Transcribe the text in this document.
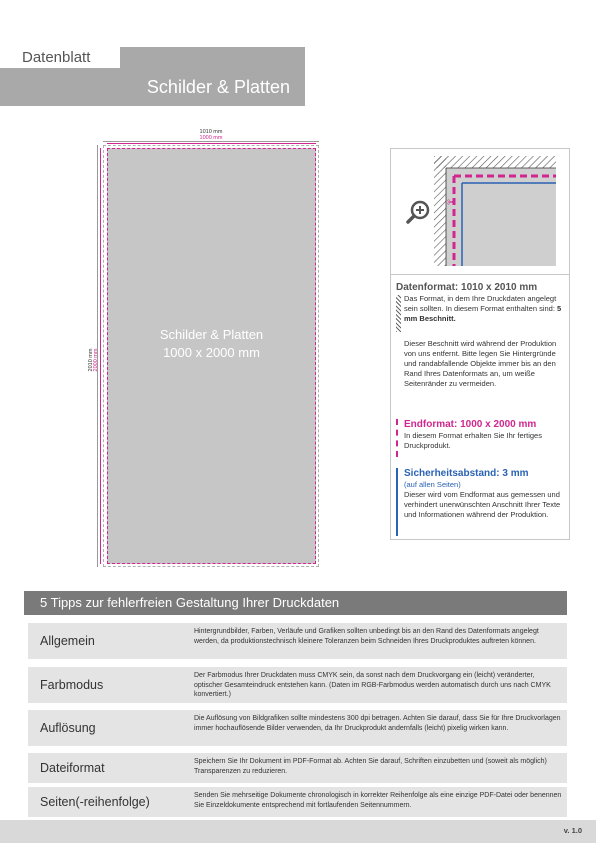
Datenblatt
Schilder & Platten
1010 mm
1000 mm
2010 mm 2000 mm
Schilder & Platten
1000 x 2000 mm
✂
Datenformat: 1010 x 2010 mm
Das Format, in dem Ihre Druckdaten angelegt sein sollten. In diesem Format enthalten sind: 5 mm Beschnitt.
Dieser Beschnitt wird während der Produktion von uns entfernt. Bitte legen Sie Hintergründe und randabfallende Objekte immer bis an den Rand Ihres Datenformats an, um weiße Seitenränder zu vermeiden.
Endformat: 1000 x 2000 mm
In diesem Format erhalten Sie Ihr fertiges Druckprodukt.
Sicherheitsabstand: 3 mm
(auf allen Seiten)
Dieser wird vom Endformat aus gemessen und verhindert unerwünschten Anschnitt Ihrer Texte und Informationen während der Produktion.
5 Tipps zur fehlerfreien Gestaltung Ihrer Druckdaten
Allgemein
Hintergrundbilder, Farben, Verläufe und Grafiken sollten unbedingt bis an den Rand des Datenformats angelegt werden, da produktionstechnisch kleinere Toleranzen beim Schneiden Ihres Druckproduktes auftreten können.
Farbmodus
Der Farbmodus Ihrer Druckdaten muss CMYK sein, da sonst nach dem Druckvorgang ein (leicht) veränderter, optischer Gesamteindruck entstehen kann. (Daten im RGB-Farbmodus werden automatisch durch uns nach CMYK konvertiert.)
Auflösung
Die Auflösung von Bildgrafiken sollte mindestens 300 dpi betragen. Achten Sie darauf, dass Sie für Ihre Druckvorlagen immer hochauflösende Bilder verwenden, da Ihr Druckprodukt andernfalls (leicht) pixelig wirken kann.
Dateiformat	Speichern Sie Ihr Dokument im PDF-Format ab. Achten Sie darauf, Schriften einzubetten und (soweit als möglich) Transparenzen zu reduzieren.
Seiten(-reihenfolge)	Senden Sie mehrseitige Dokumente chronologisch in korrekter Reihenfolge als eine einzige PDF-Datei oder benennen Sie Einzeldokumente entsprechend mit fortlaufenden Seitennummern.
v. 1.0
